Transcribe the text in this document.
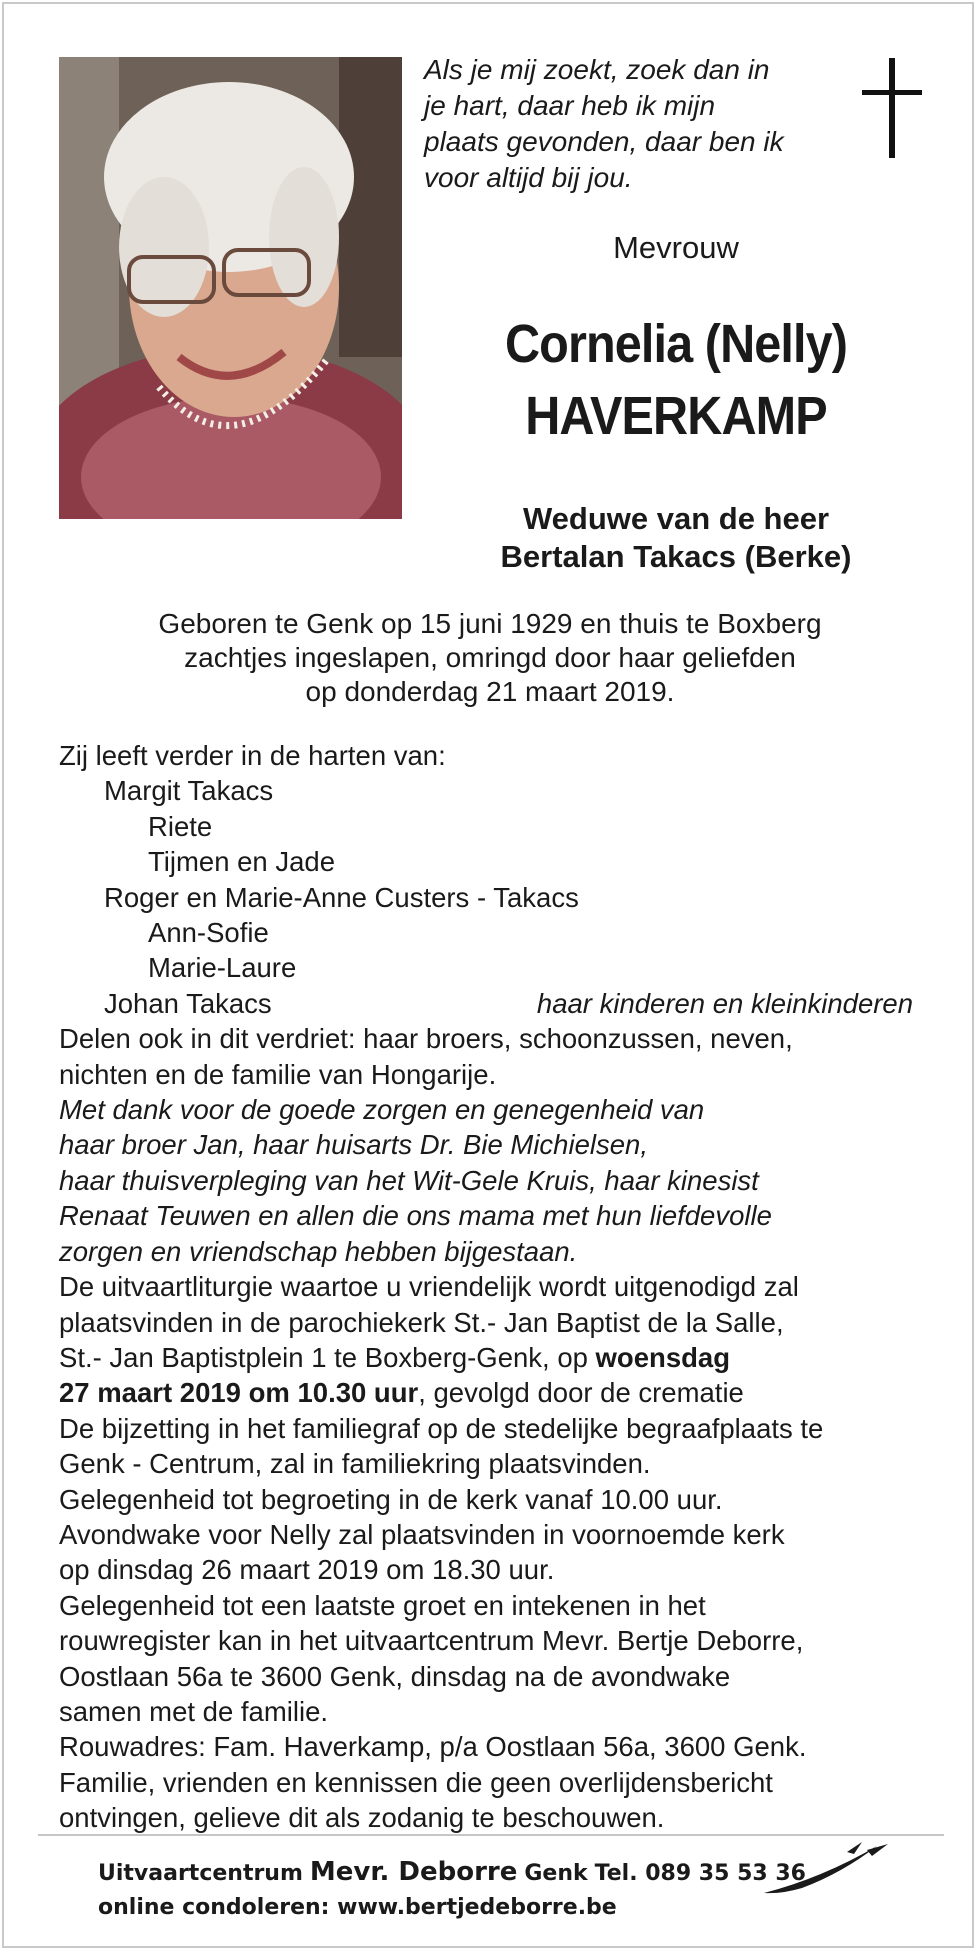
Als je mij zoekt, zoek dan in
je hart, daar heb ik mijn
plaats gevonden, daar ben ik
voor altijd bij jou.
Mevrouw
Cornelia (Nelly)
HAVERKAMP
Weduwe van de heer
Bertalan Takacs (Berke)
Geboren te Genk op 15 juni 1929 en thuis te Boxberg
zachtjes ingeslapen, omringd door haar geliefden
op donderdag 21 maart 2019.

Zij leeft verder in de harten van:

Margit Takacs

Riete

Tijmen en Jade

Roger en Marie-Anne Custers - Takacs

Ann-Sofie

Marie-Laure

Johan Takacs	haar kinderen en kleinkinderen

Delen ook in dit verdriet: haar broers, schoonzussen, neven,

nichten en de familie van Hongarije.

Met dank voor de goede zorgen en genegenheid van

haar broer Jan, haar huisarts Dr. Bie Michielsen,

haar thuisverpleging van het Wit-Gele Kruis, haar kinesist

Renaat Teuwen en allen die ons mama met hun liefdevolle

zorgen en vriendschap hebben bijgestaan.

De uitvaartliturgie waartoe u vriendelijk wordt uitgenodigd zal

plaatsvinden in de parochiekerk St.- Jan Baptist de la Salle,

St.- Jan Baptistplein 1 te Boxberg-Genk, op woensdag

27 maart 2019 om 10.30 uur, gevolgd door de crematie

De bijzetting in het familiegraf op de stedelijke begraafplaats te

Genk - Centrum, zal in familiekring plaatsvinden.

Gelegenheid tot begroeting in de kerk vanaf 10.00 uur.

Avondwake voor Nelly zal plaatsvinden in voornoemde kerk

op dinsdag 26 maart 2019 om 18.30 uur.

Gelegenheid tot een laatste groet en intekenen in het

rouwregister kan in het uitvaartcentrum Mevr. Bertje Deborre,

Oostlaan 56a te 3600 Genk, dinsdag na de avondwake

samen met de familie.

Rouwadres: Fam. Haverkamp, p/a Oostlaan 56a, 3600 Genk.

Familie, vrienden en kennissen die geen overlijdensbericht

ontvingen, gelieve dit als zodanig te beschouwen.

Uitvaartcentrum Mevr. Deborre Genk Tel. 089 35 53 36
online condoleren: www.bertjedeborre.be
